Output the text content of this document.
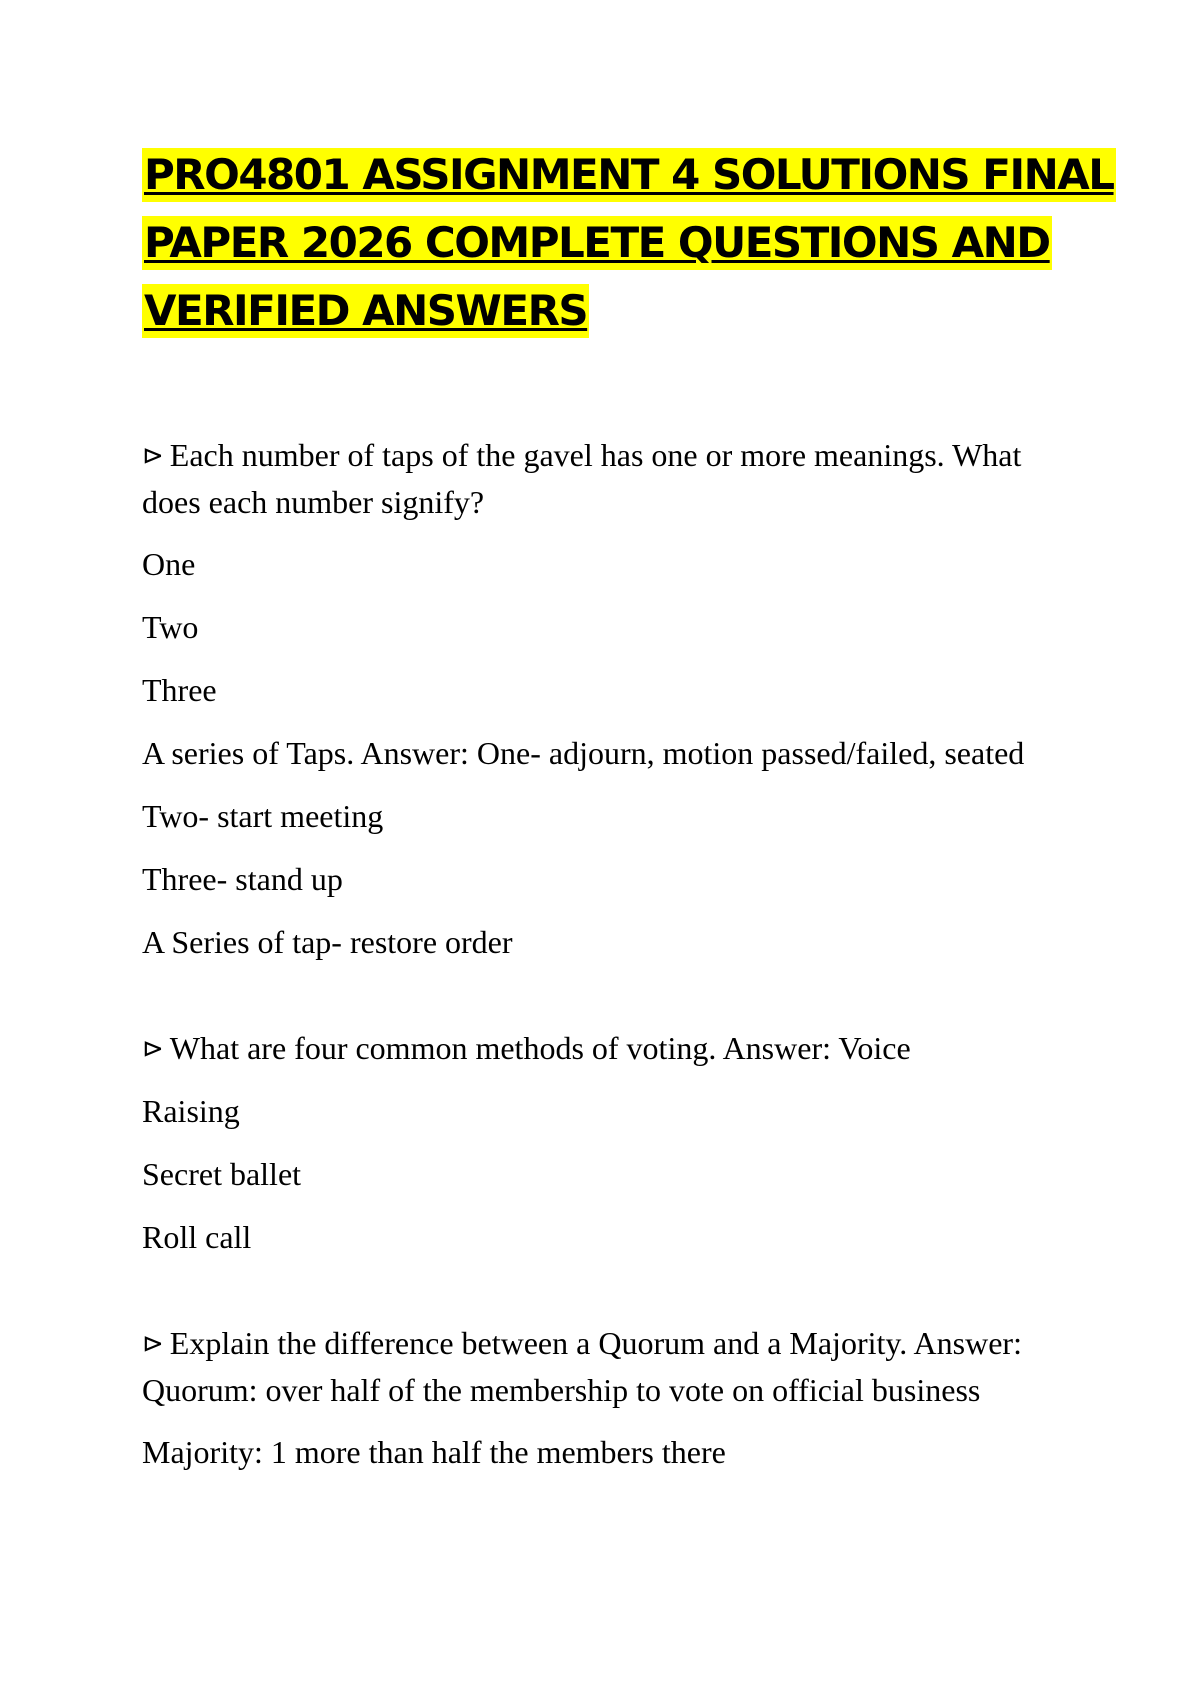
PRO4801 ASSIGNMENT 4 SOLUTIONS FINAL
PAPER 2026 COMPLETE QUESTIONS AND
VERIFIED ANSWERS

⊳ Each number of taps of the gavel has one or more meanings. What does each number signify?

One

Two

Three

A series of Taps. Answer: One- adjourn, motion passed/failed, seated

Two- start meeting

Three- stand up

A Series of tap- restore order

⊳ What are four common methods of voting. Answer: Voice

Raising

Secret ballet

Roll call

⊳ Explain the difference between a Quorum and a Majority. Answer: Quorum: over half of the membership to vote on official business

Majority: 1 more than half the members there
